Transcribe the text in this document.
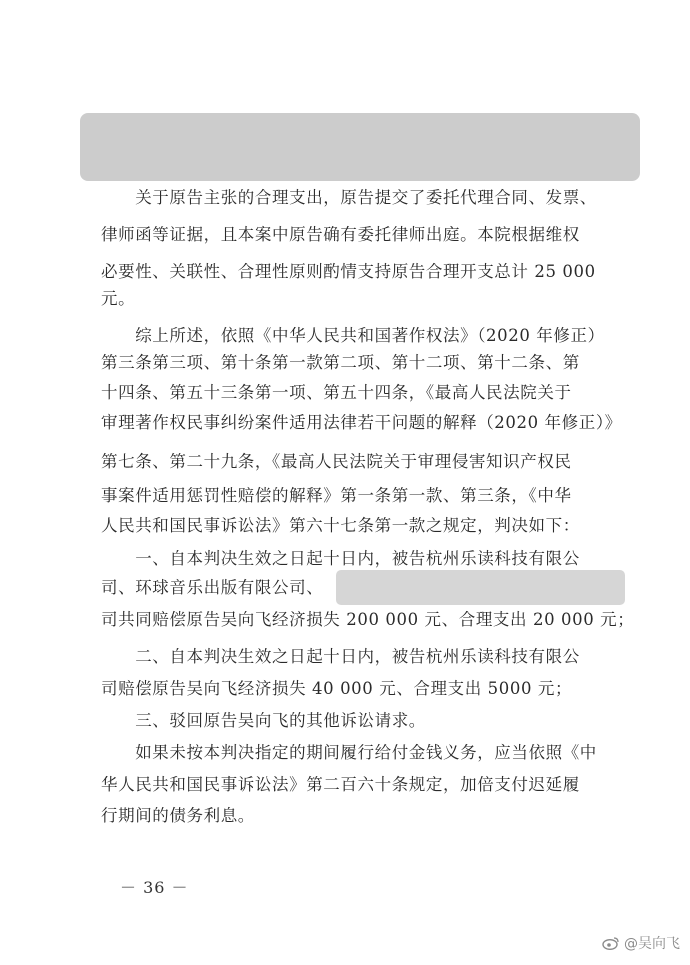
　　关于原告主张的合理支出，原告提交了委托代理合同、发票、
律师函等证据，且本案中原告确有委托律师出庭。本院根据维权
必要性、关联性、合理性原则酌情支持原告合理开支总计 25 000
元。
　　综上所述，依照《中华人民共和国著作权法》（2020 年修正）
第三条第三项、第十条第一款第二项、第十二项、第十二条、第
十四条、第五十三条第一项、第五十四条，《最高人民法院关于
审理著作权民事纠纷案件适用法律若干问题的解释（2020 年修正）》
第七条、第二十九条，《最高人民法院关于审理侵害知识产权民
事案件适用惩罚性赔偿的解释》第一条第一款、第三条，《中华
人民共和国民事诉讼法》第六十七条第一款之规定，判决如下：
　　一、自本判决生效之日起十日内，被告杭州乐读科技有限公
司、环球音乐出版有限公司、
司共同赔偿原告吴向飞经济损失 200 000 元、合理支出 20 000 元；
　　二、自本判决生效之日起十日内，被告杭州乐读科技有限公
司赔偿原告吴向飞经济损失 40 000 元、合理支出 5000 元；
　　三、驳回原告吴向飞的其他诉讼请求。
　　如果未按本判决指定的期间履行给付金钱义务，应当依照《中
华人民共和国民事诉讼法》第二百六十条规定，加倍支付迟延履
行期间的债务利息。
－ 36 －
@吴向飞
